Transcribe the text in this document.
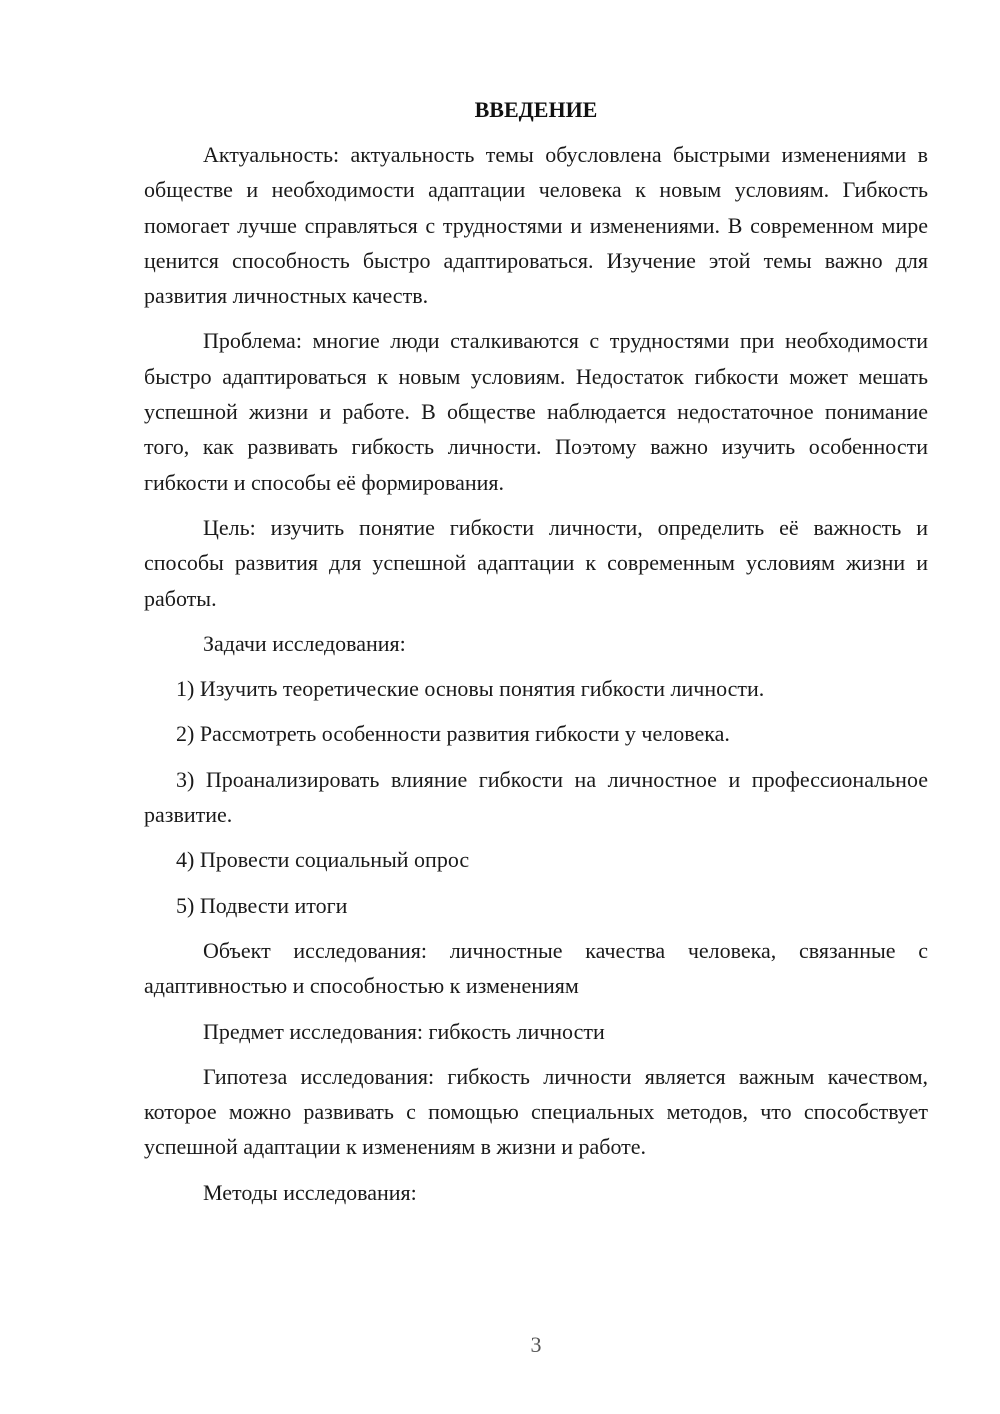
ВВЕДЕНИЕ

Актуальность: актуальность темы обусловлена быстрыми изменениями в обществе и необходимости адаптации человека к новым условиям. Гибкость помогает лучше справляться с трудностями и изменениями. В современном мире ценится способность быстро адаптироваться. Изучение этой темы важно для развития личностных качеств.

Проблема: многие люди сталкиваются с трудностями при необходимости быстро адаптироваться к новым условиям. Недостаток гибкости может мешать успешной жизни и работе. В обществе наблюдается недостаточное понимание того, как развивать гибкость личности. Поэтому важно изучить особенности гибкости и способы её формирования.

Цель: изучить понятие гибкости личности, определить её важность и способы развития для успешной адаптации к современным условиям жизни и работы.

Задачи исследования:

1) Изучить теоретические основы понятия гибкости личности.

2) Рассмотреть особенности развития гибкости у человека.

3) Проанализировать влияние гибкости на личностное и профессиональное развитие.

4) Провести социальный опрос

5) Подвести итоги

Объект исследования: личностные качества человека, связанные с адаптивностью и способностью к изменениям

Предмет исследования: гибкость личности

Гипотеза исследования: гибкость личности является важным качеством, которое можно развивать с помощью специальных методов, что способствует успешной адаптации к изменениям в жизни и работе.

Методы исследования:

3
